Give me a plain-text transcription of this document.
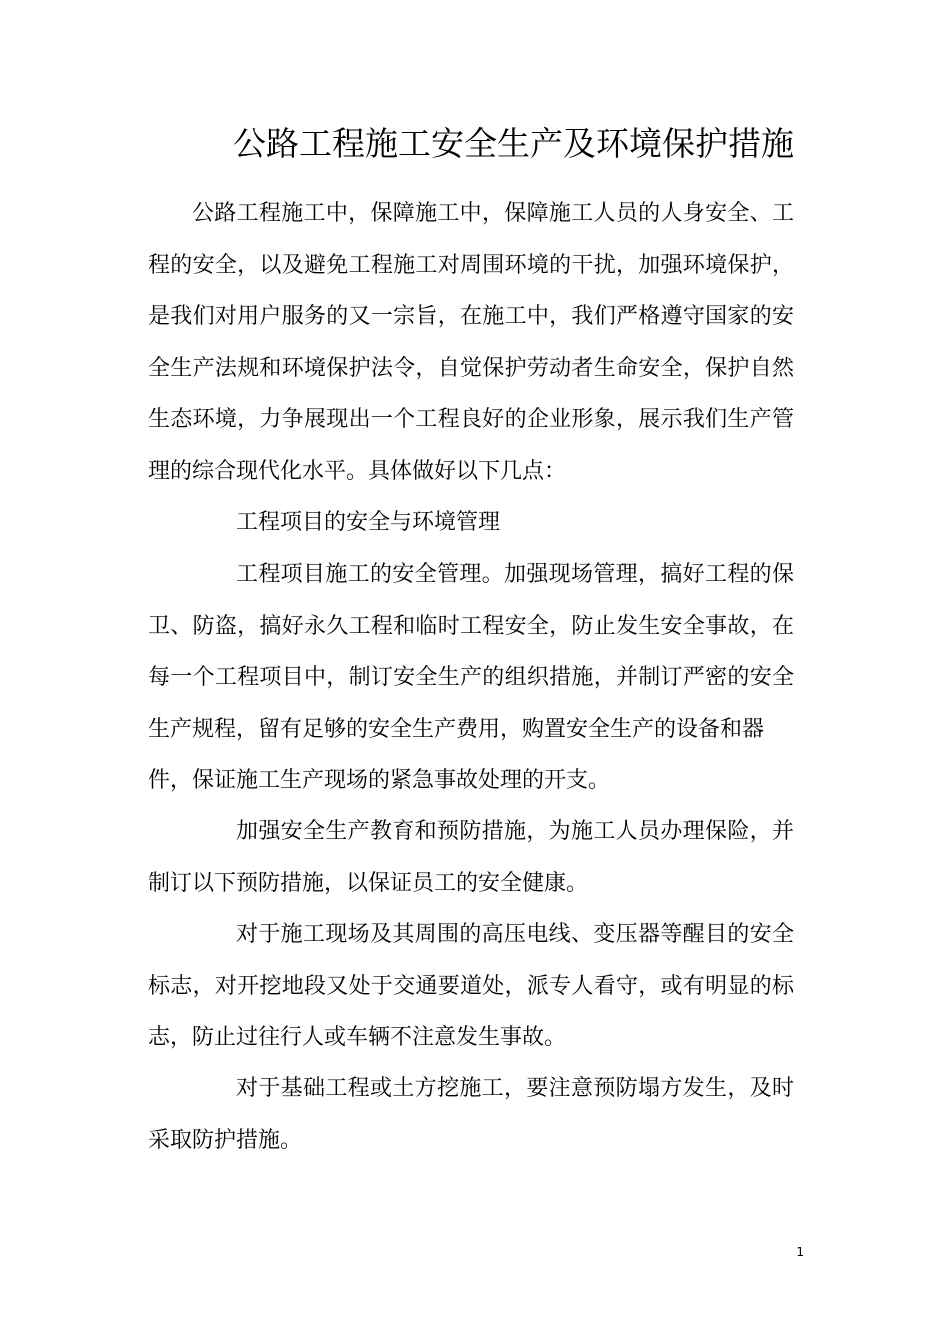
公路工程施工安全生产及环境保护措施

公路工程施工中，保障施工中，保障施工人员的人身安全、工
程的安全，以及避免工程施工对周围环境的干扰，加强环境保护，
是我们对用户服务的又一宗旨，在施工中，我们严格遵守国家的安
全生产法规和环境保护法令，自觉保护劳动者生命安全，保护自然
生态环境，力争展现出一个工程良好的企业形象，展示我们生产管
理的综合现代化水平。具体做好以下几点：

工程项目的安全与环境管理

工程项目施工的安全管理。加强现场管理，搞好工程的保
卫、防盗，搞好永久工程和临时工程安全，防止发生安全事故，在
每一个工程项目中，制订安全生产的组织措施，并制订严密的安全
生产规程，留有足够的安全生产费用，购置安全生产的设备和器
件，保证施工生产现场的紧急事故处理的开支。

加强安全生产教育和预防措施，为施工人员办理保险，并
制订以下预防措施，以保证员工的安全健康。

对于施工现场及其周围的高压电线、变压器等醒目的安全
标志，对开挖地段又处于交通要道处，派专人看守，或有明显的标
志，防止过往行人或车辆不注意发生事故。

对于基础工程或土方挖施工，要注意预防塌方发生，及时
采取防护措施。

1
